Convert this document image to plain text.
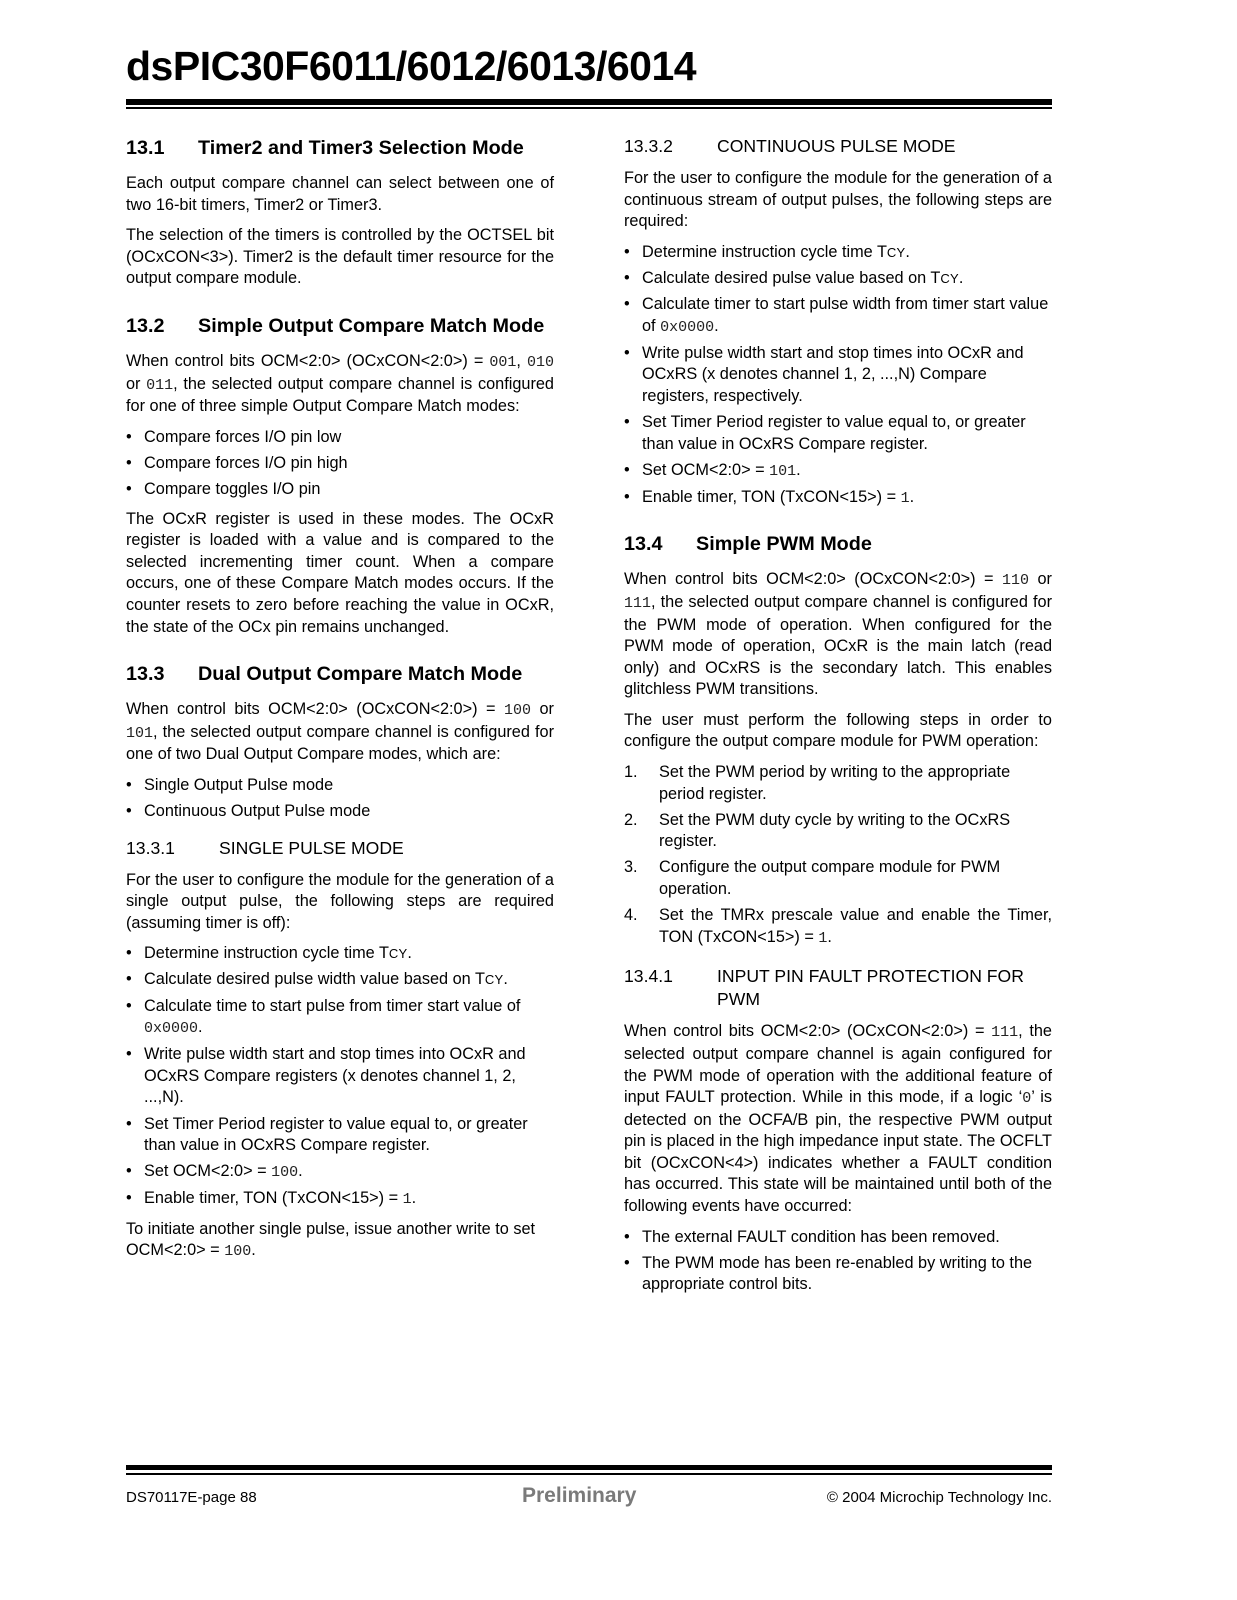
dsPIC30F6011/6012/6013/6014
13.1	Timer2 and Timer3 Selection Mode

Each output compare channel can select between one of two 16-bit timers, Timer2 or Timer3.

The selection of the timers is controlled by the OCTSEL bit (OCxCON<3>). Timer2 is the default timer resource for the output compare module.

13.2	Simple Output Compare Match Mode

When control bits OCM<2:0> (OCxCON<2:0>) = 001, 010 or 011, the selected output compare channel is configured for one of three simple Output Compare Match modes:

• Compare forces I/O pin low
• Compare forces I/O pin high
• Compare toggles I/O pin

The OCxR register is used in these modes. The OCxR register is loaded with a value and is compared to the selected incrementing timer count. When a compare occurs, one of these Compare Match modes occurs. If the counter resets to zero before reaching the value in OCxR, the state of the OCx pin remains unchanged.

13.3	Dual Output Compare Match Mode

When control bits OCM<2:0> (OCxCON<2:0>) = 100 or 101, the selected output compare channel is configured for one of two Dual Output Compare modes, which are:

• Single Output Pulse mode
• Continuous Output Pulse mode
13.3.1	SINGLE PULSE MODE

For the user to configure the module for the generation of a single output pulse, the following steps are required (assuming timer is off):

• Determine instruction cycle time TCY.
• Calculate desired pulse width value based on TCY.
• Calculate time to start pulse from timer start value of 0x0000.
• Write pulse width start and stop times into OCxR and OCxRS Compare registers (x denotes channel 1, 2, ...,N).
• Set Timer Period register to value equal to, or greater than value in OCxRS Compare register.
• Set OCM<2:0> = 100.
• Enable timer, TON (TxCON<15>) = 1.

To initiate another single pulse, issue another write to set OCM<2:0> = 100.

13.3.2	CONTINUOUS PULSE MODE

For the user to configure the module for the generation of a continuous stream of output pulses, the following steps are required:

• Determine instruction cycle time TCY.
• Calculate desired pulse value based on TCY.
• Calculate timer to start pulse width from timer start value of 0x0000.
• Write pulse width start and stop times into OCxR and OCxRS (x denotes channel 1, 2, ...,N) Compare registers, respectively.
• Set Timer Period register to value equal to, or greater than value in OCxRS Compare register.
• Set OCM<2:0> = 101.
• Enable timer, TON (TxCON<15>) = 1.
13.4	Simple PWM Mode

When control bits OCM<2:0> (OCxCON<2:0>) = 110 or 111, the selected output compare channel is configured for the PWM mode of operation. When configured for the PWM mode of operation, OCxR is the main latch (read only) and OCxRS is the secondary latch. This enables glitchless PWM transitions.

The user must perform the following steps in order to configure the output compare module for PWM operation:

1. Set the PWM period by writing to the appropriate period register.
2. Set the PWM duty cycle by writing to the OCxRS register.
3. Configure the output compare module for PWM operation.
4. Set the TMRx prescale value and enable the Timer, TON (TxCON<15>) = 1.
13.4.1	INPUT PIN FAULT PROTECTION FOR PWM

When control bits OCM<2:0> (OCxCON<2:0>) = 111, the selected output compare channel is again configured for the PWM mode of operation with the additional feature of input FAULT protection. While in this mode, if a logic ‘0’ is detected on the OCFA/B pin, the respective PWM output pin is placed in the high impedance input state. The OCFLT bit (OCxCON<4>) indicates whether a FAULT condition has occurred. This state will be maintained until both of the following events have occurred:

• The external FAULT condition has been removed.
• The PWM mode has been re-enabled by writing to the appropriate control bits.
DS70117E-page 88	Preliminary	© 2004 Microchip Technology Inc.
